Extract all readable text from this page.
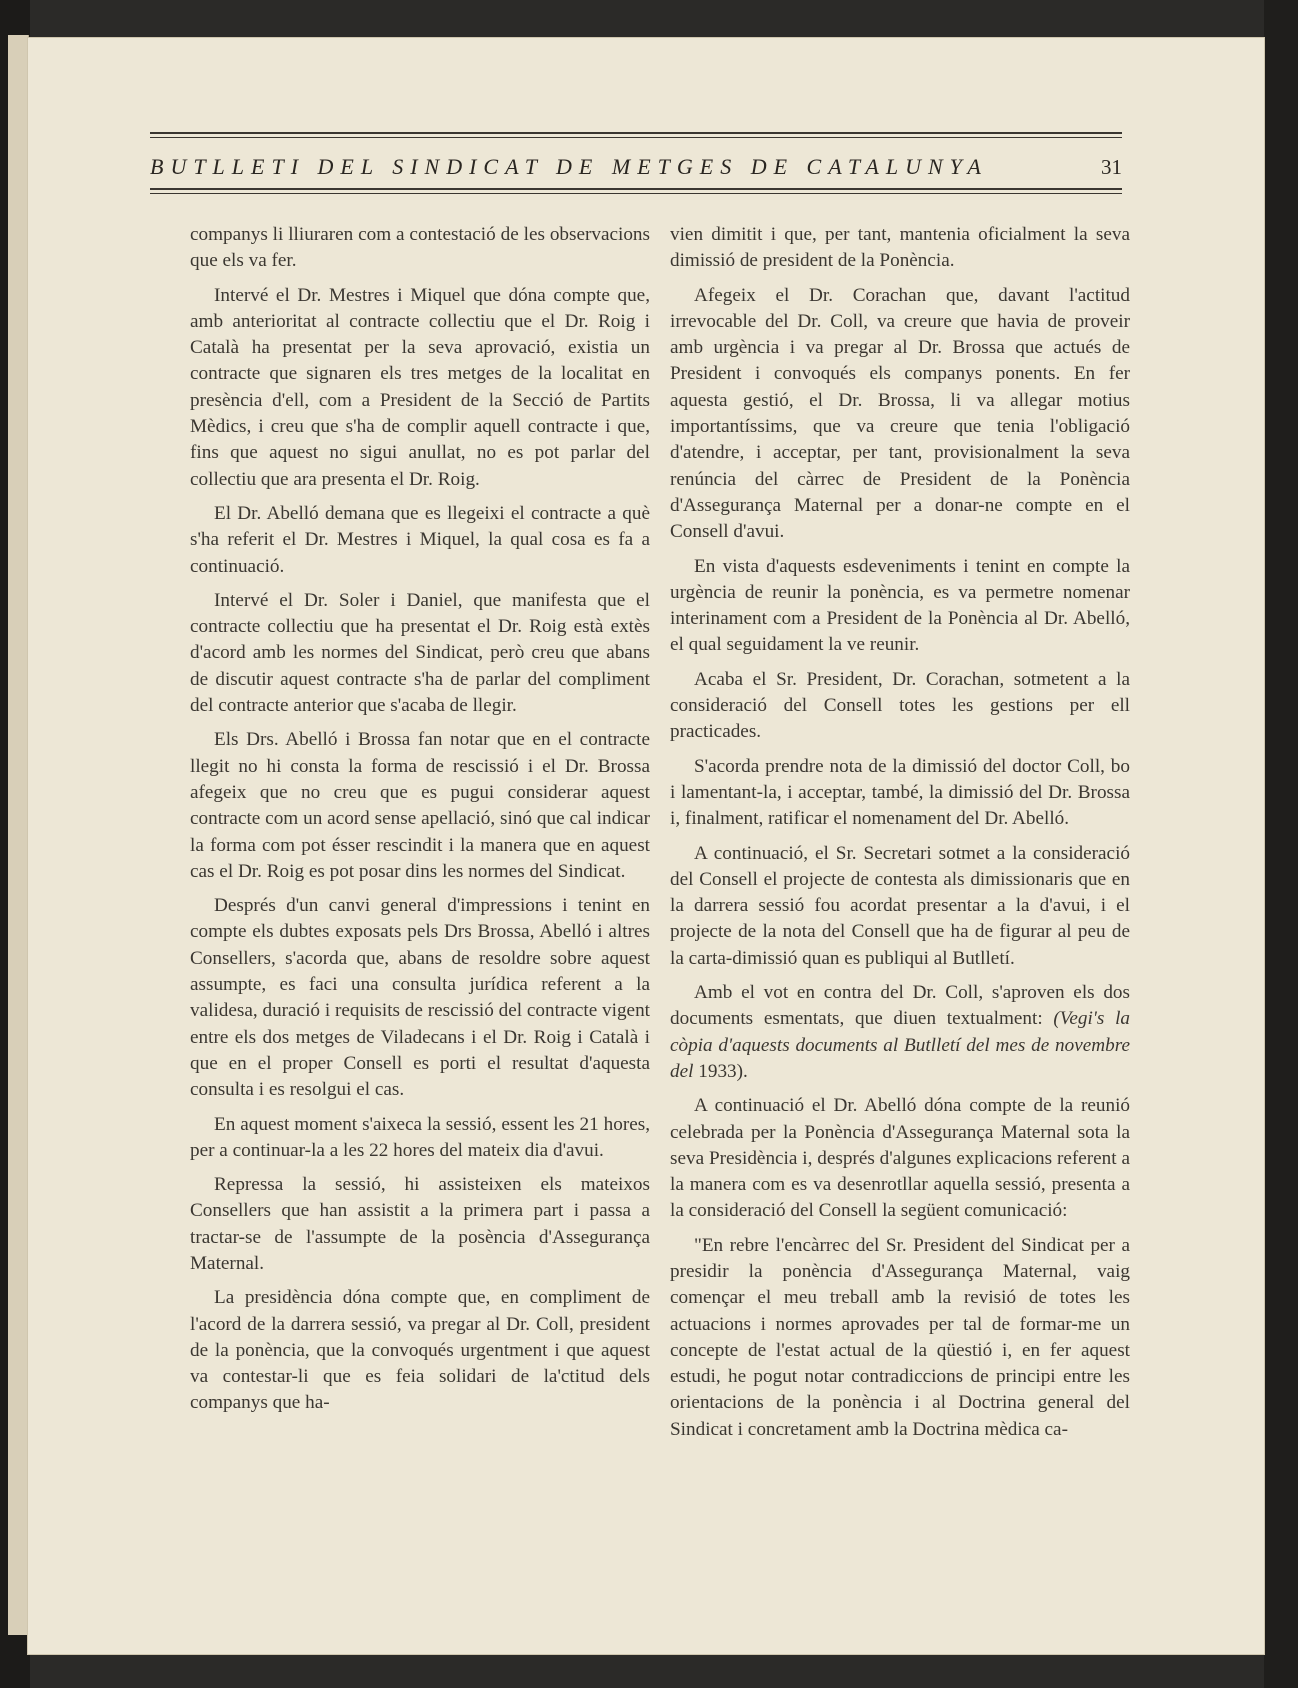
BUTLLETI DEL SINDICAT DE METGES DE CATALUNYA	31

companys li lliuraren com a contestació de les observacions que els va fer.

Intervé el Dr. Mestres i Miquel que dóna compte que, amb anterioritat al contracte collectiu que el Dr. Roig i Català ha presentat per la seva aprovació, existia un contracte que signaren els tres metges de la localitat en presència d'ell, com a President de la Secció de Partits Mèdics, i creu que s'ha de complir aquell contracte i que, fins que aquest no sigui anullat, no es pot parlar del collectiu que ara presenta el Dr. Roig.

El Dr. Abelló demana que es llegeixi el contracte a què s'ha referit el Dr. Mestres i Miquel, la qual cosa es fa a continuació.

Intervé el Dr. Soler i Daniel, que manifesta que el contracte collectiu que ha presentat el Dr. Roig està extès d'acord amb les normes del Sindicat, però creu que abans de discutir aquest contracte s'ha de parlar del compliment del contracte anterior que s'acaba de llegir.

Els Drs. Abelló i Brossa fan notar que en el contracte llegit no hi consta la forma de rescissió i el Dr. Brossa afegeix que no creu que es pugui considerar aquest contracte com un acord sense apellació, sinó que cal indicar la forma com pot ésser rescindit i la manera que en aquest cas el Dr. Roig es pot posar dins les normes del Sindicat.

Després d'un canvi general d'impressions i tenint en compte els dubtes exposats pels Drs Brossa, Abelló i altres Consellers, s'acorda que, abans de resoldre sobre aquest assumpte, es faci una consulta jurídica referent a la validesa, duració i requisits de rescissió del contracte vigent entre els dos metges de Viladecans i el Dr. Roig i Català i que en el proper Consell es porti el resultat d'aquesta consulta i es resolgui el cas.

En aquest moment s'aixeca la sessió, essent les 21 hores, per a continuar-la a les 22 hores del mateix dia d'avui.

Repressa la sessió, hi assisteixen els mateixos Consellers que han assistit a la primera part i passa a tractar-se de l'assumpte de la posència d'Assegurança Maternal.

La presidència dóna compte que, en compliment de l'acord de la darrera sessió, va pregar al Dr. Coll, president de la ponència, que la convoqués urgentment i que aquest va contestar-li que es feia solidari de la'ctitud dels companys que ha-

vien dimitit i que, per tant, mantenia oficialment la seva dimissió de president de la Ponència.

Afegeix el Dr. Corachan que, davant l'actitud irrevocable del Dr. Coll, va creure que havia de proveir amb urgència i va pregar al Dr. Brossa que actués de President i convoqués els companys ponents. En fer aquesta gestió, el Dr. Brossa, li va allegar motius importantíssims, que va creure que tenia l'obligació d'atendre, i acceptar, per tant, provisionalment la seva renúncia del càrrec de President de la Ponència d'Assegurança Maternal per a donar-ne compte en el Consell d'avui.

En vista d'aquests esdeveniments i tenint en compte la urgència de reunir la ponència, es va permetre nomenar interinament com a President de la Ponència al Dr. Abelló, el qual seguidament la ve reunir.

Acaba el Sr. President, Dr. Corachan, sotmetent a la consideració del Consell totes les gestions per ell practicades.

S'acorda prendre nota de la dimissió del doctor Coll, bo i lamentant-la, i acceptar, també, la dimissió del Dr. Brossa i, finalment, ratificar el nomenament del Dr. Abelló.

A continuació, el Sr. Secretari sotmet a la consideració del Consell el projecte de contesta als dimissionaris que en la darrera sessió fou acordat presentar a la d'avui, i el projecte de la nota del Consell que ha de figurar al peu de la carta-dimissió quan es publiqui al Butlletí.

Amb el vot en contra del Dr. Coll, s'aproven els dos documents esmentats, que diuen textualment: (Vegi's la còpia d'aquests documents al Butlletí del mes de novembre del 1933).

A continuació el Dr. Abelló dóna compte de la reunió celebrada per la Ponència d'Assegurança Maternal sota la seva Presidència i, després d'algunes explicacions referent a la manera com es va desenrotllar aquella sessió, presenta a la consideració del Consell la següent comunicació:

"En rebre l'encàrrec del Sr. President del Sindicat per a presidir la ponència d'Assegurança Maternal, vaig començar el meu treball amb la revisió de totes les actuacions i normes aprovades per tal de formar-me un concepte de l'estat actual de la qüestió i, en fer aquest estudi, he pogut notar contradiccions de principi entre les orientacions de la ponència i al Doctrina general del Sindicat i concretament amb la Doctrina mèdica ca-
